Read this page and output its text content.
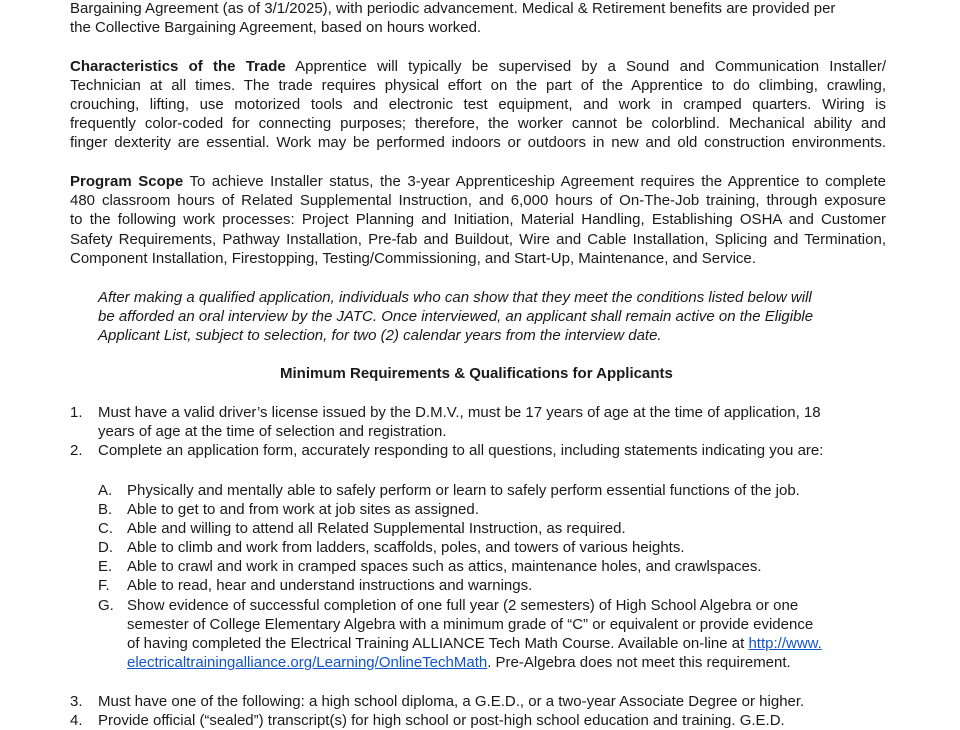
Bargaining Agreement (as of 3/1/2025), with periodic advancement. Medical & Retirement benefits are provided per
the Collective Bargaining Agreement, based on hours worked.
Characteristics of the Trade Apprentice will typically be supervised by a Sound and Communication Installer/
Technician at all times. The trade requires physical effort on the part of the Apprentice to do climbing, crawling,
crouching, lifting, use motorized tools and electronic test equipment, and work in cramped quarters. Wiring is
frequently color-coded for connecting purposes; therefore, the worker cannot be colorblind. Mechanical ability and
finger dexterity are essential. Work may be performed indoors or outdoors in new and old construction environments.
Program Scope To achieve Installer status, the 3-year Apprenticeship Agreement requires the Apprentice to complete
480 classroom hours of Related Supplemental Instruction, and 6,000 hours of On-The-Job training, through exposure
to the following work processes: Project Planning and Initiation, Material Handling, Establishing OSHA and Customer
Safety Requirements, Pathway Installation, Pre-fab and Buildout, Wire and Cable Installation, Splicing and Termination,
Component Installation, Firestopping, Testing/Commissioning, and Start-Up, Maintenance, and Service.
After making a qualified application, individuals who can show that they meet the conditions listed below will
be afforded an oral interview by the JATC. Once interviewed, an applicant shall remain active on the Eligible
Applicant List, subject to selection, for two (2) calendar years from the interview date.
Minimum Requirements & Qualifications for Applicants
1. Must have a valid driver’s license issued by the D.M.V., must be 17 years of age at the time of application, 18
years of age at the time of selection and registration.
2. Complete an application form, accurately responding to all questions, including statements indicating you are:
A. Physically and mentally able to safely perform or learn to safely perform essential functions of the job.
B. Able to get to and from work at job sites as assigned.
C. Able and willing to attend all Related Supplemental Instruction, as required.
D. Able to climb and work from ladders, scaffolds, poles, and towers of various heights.
E. Able to crawl and work in cramped spaces such as attics, maintenance holes, and crawlspaces.
F. Able to read, hear and understand instructions and warnings.
G. Show evidence of successful completion of one full year (2 semesters) of High School Algebra or one
semester of College Elementary Algebra with a minimum grade of “C” or equivalent or provide evidence
of having completed the Electrical Training ALLIANCE Tech Math Course. Available on-line at http://www.
electricaltrainingalliance.org/Learning/OnlineTechMath. Pre-Algebra does not meet this requirement.
3. Must have one of the following: a high school diploma, a G.E.D., or a two-year Associate Degree or higher.
4. Provide official (“sealed”) transcript(s) for high school or post-high school education and training. G.E.D.
